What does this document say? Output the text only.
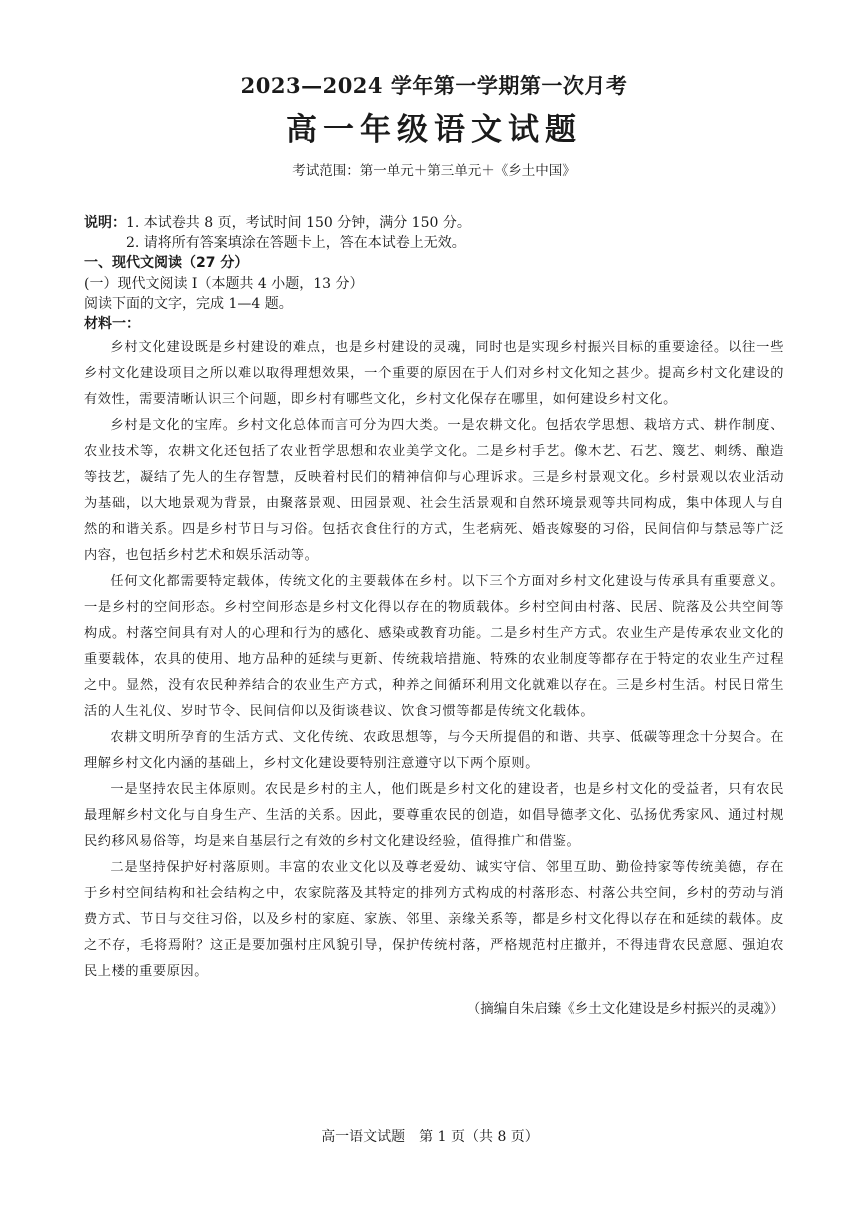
2023—2024 学年第一学期第一次月考
高一年级语文试题
考试范围：第一单元＋第三单元＋《乡土中国》

说明：1. 本试卷共 8 页，考试时间 150 分钟，满分 150 分。

2. 请将所有答案填涂在答题卡上，答在本试卷上无效。

一、现代文阅读（27 分）

(一）现代文阅读 I（本题共 4 小题，13 分）

阅读下面的文字，完成 1—4 题。

材料一：

乡村文化建设既是乡村建设的难点，也是乡村建设的灵魂，同时也是实现乡村振兴目标的重要途径。以往一些乡村文化建设项目之所以难以取得理想效果，一个重要的原因在于人们对乡村文化知之甚少。提高乡村文化建设的有效性，需要清晰认识三个问题，即乡村有哪些文化，乡村文化保存在哪里，如何建设乡村文化。

乡村是文化的宝库。乡村文化总体而言可分为四大类。一是农耕文化。包括农学思想、栽培方式、耕作制度、农业技术等，农耕文化还包括了农业哲学思想和农业美学文化。二是乡村手艺。像木艺、石艺、篾艺、刺绣、酿造等技艺，凝结了先人的生存智慧，反映着村民们的精神信仰与心理诉求。三是乡村景观文化。乡村景观以农业活动为基础，以大地景观为背景，由聚落景观、田园景观、社会生活景观和自然环境景观等共同构成，集中体现人与自然的和谐关系。四是乡村节日与习俗。包括衣食住行的方式，生老病死、婚丧嫁娶的习俗，民间信仰与禁忌等广泛内容，也包括乡村艺术和娱乐活动等。

任何文化都需要特定载体，传统文化的主要载体在乡村。以下三个方面对乡村文化建设与传承具有重要意义。一是乡村的空间形态。乡村空间形态是乡村文化得以存在的物质载体。乡村空间由村落、民居、院落及公共空间等构成。村落空间具有对人的心理和行为的感化、感染或教育功能。二是乡村生产方式。农业生产是传承农业文化的重要载体，农具的使用、地方品种的延续与更新、传统栽培措施、特殊的农业制度等都存在于特定的农业生产过程之中。显然，没有农民种养结合的农业生产方式，种养之间循环利用文化就难以存在。三是乡村生活。村民日常生活的人生礼仪、岁时节令、民间信仰以及街谈巷议、饮食习惯等都是传统文化载体。

农耕文明所孕育的生活方式、文化传统、农政思想等，与今天所提倡的和谐、共享、低碳等理念十分契合。在理解乡村文化内涵的基础上，乡村文化建设要特别注意遵守以下两个原则。

一是坚持农民主体原则。农民是乡村的主人，他们既是乡村文化的建设者，也是乡村文化的受益者，只有农民最理解乡村文化与自身生产、生活的关系。因此，要尊重农民的创造，如倡导德孝文化、弘扬优秀家风、通过村规民约移风易俗等，均是来自基层行之有效的乡村文化建设经验，值得推广和借鉴。

二是坚持保护好村落原则。丰富的农业文化以及尊老爱幼、诚实守信、邻里互助、勤俭持家等传统美德，存在于乡村空间结构和社会结构之中，农家院落及其特定的排列方式构成的村落形态、村落公共空间，乡村的劳动与消费方式、节日与交往习俗，以及乡村的家庭、家族、邻里、亲缘关系等，都是乡村文化得以存在和延续的载体。皮之不存，毛将焉附？这正是要加强村庄风貌引导，保护传统村落，严格规范村庄撤并，不得违背农民意愿、强迫农民上楼的重要原因。

（摘编自朱启臻《乡土文化建设是乡村振兴的灵魂》）

高一语文试题　第 1 页（共 8 页）
